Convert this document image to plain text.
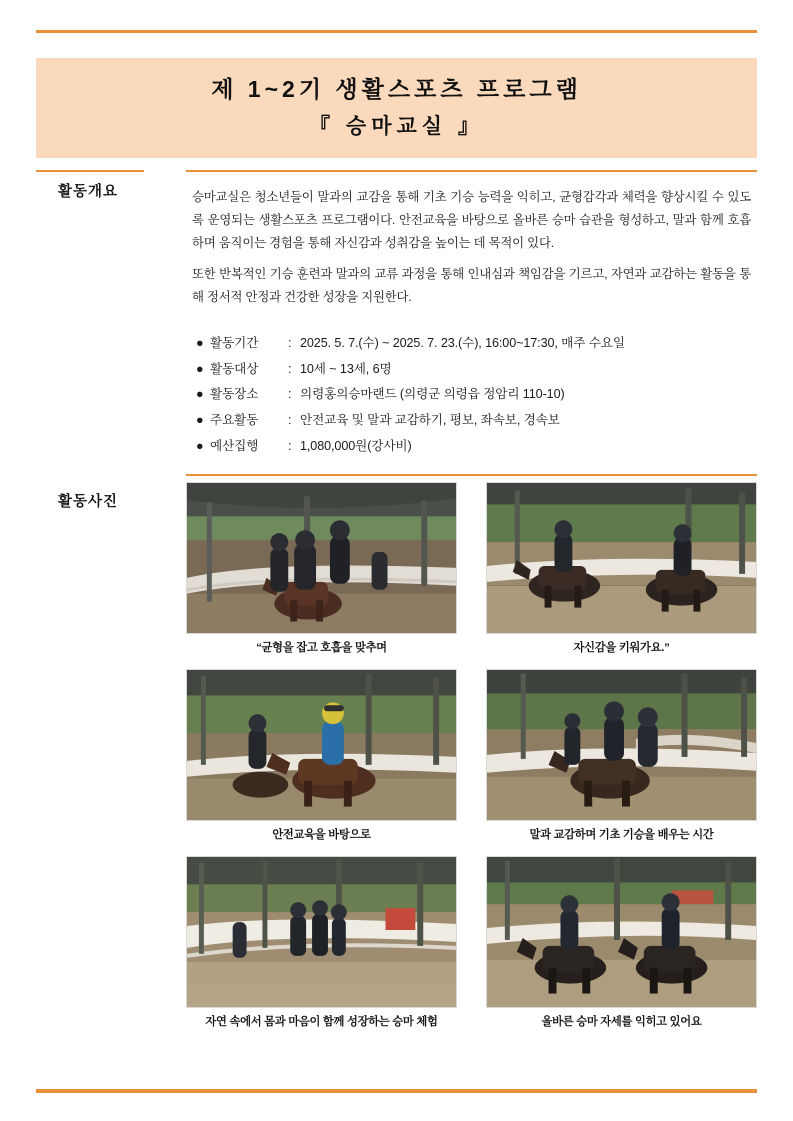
제 1~2기 생활스포츠 프로그램
『 승마교실 』
활동개요	승마교실은 청소년들이 말과의 교감을 통해 기초 기승 능력을 익히고, 균형감각과 체력을 향상시킬 수 있도록 운영되는 생활스포츠 프로그램이다. 안전교육을 바탕으로 올바른 승마 습관을 형성하고, 말과 함께 호흡하며 움직이는 경험을 통해 자신감과 성취감을 높이는 데 목적이 있다.

또한 반복적인 기승 훈련과 말과의 교류 과정을 통해 인내심과 책임감을 기르고, 자연과 교감하는 활동을 통해 정서적 안정과 건강한 성장을 지원한다.

● 활동기간	: 2025. 5. 7.(수) ~ 2025. 7. 23.(수), 16:00~17:30, 매주 수요일
● 활동대상	: 10세 ~ 13세, 6명
● 활동장소	: 의령홍의승마랜드 (의령군 의령읍 정암리 110-10)
● 주요활동	: 안전교육 및 말과 교감하기, 평보, 좌속보, 경속보
● 예산집행	: 1,080,000원(강사비)
활동사진
“균형을 잡고 호흡을 맞추며	자신감을 키워가요.”
안전교육을 바탕으로	말과 교감하며 기초 기승을 배우는 시간
자연 속에서 몸과 마음이 함께 성장하는 승마 체험	올바른 승마 자세를 익히고 있어요
